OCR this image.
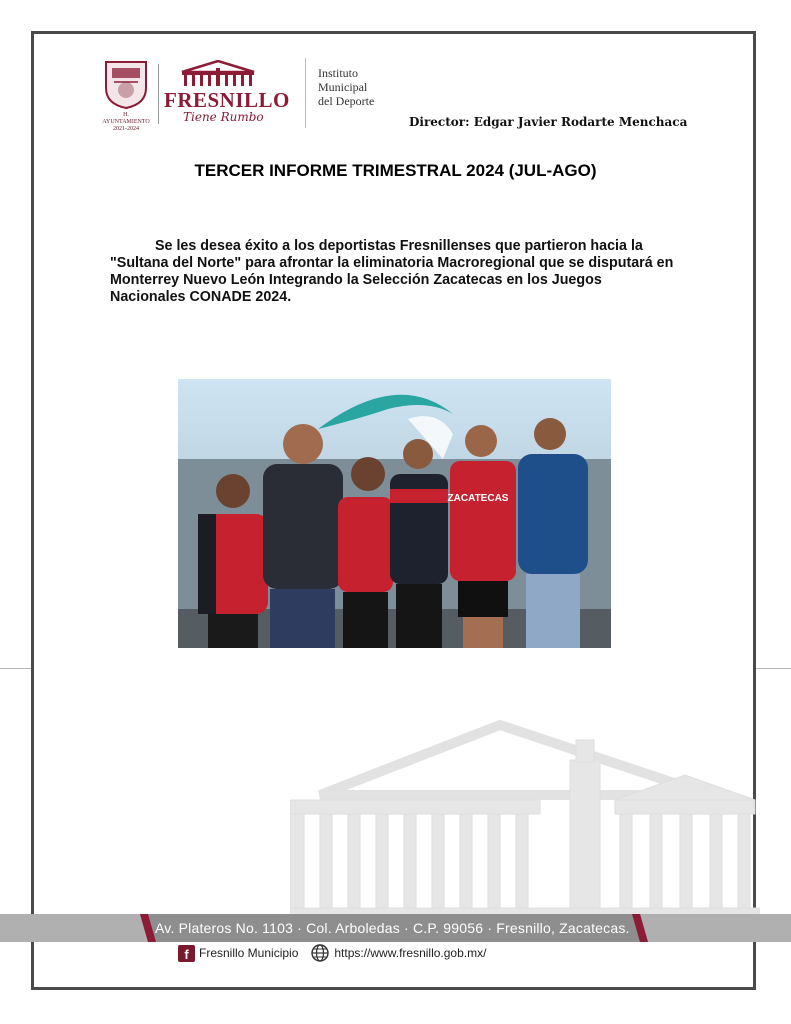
H. AYUNTAMIENTO
2021-2024
FRESNILLO
Tiene Rumbo
Instituto
Municipal
del Deporte
Director: Edgar Javier Rodarte Menchaca
TERCER INFORME TRIMESTRAL 2024 (JUL-AGO)
Se les desea éxito a los deportistas Fresnillenses que partieron hacia la "Sultana del Norte" para afrontar la eliminatoria Macroregional que se disputará en Monterrey Nuevo León Integrando la Selección Zacatecas en los Juegos Nacionales CONADE 2024.
ZACATECAS
Av. Plateros No. 1103 · Col. Arboledas · C.P. 99056 · Fresnillo, Zacatecas.
f Fresnillo Municipio	https://www.fresnillo.gob.mx/
